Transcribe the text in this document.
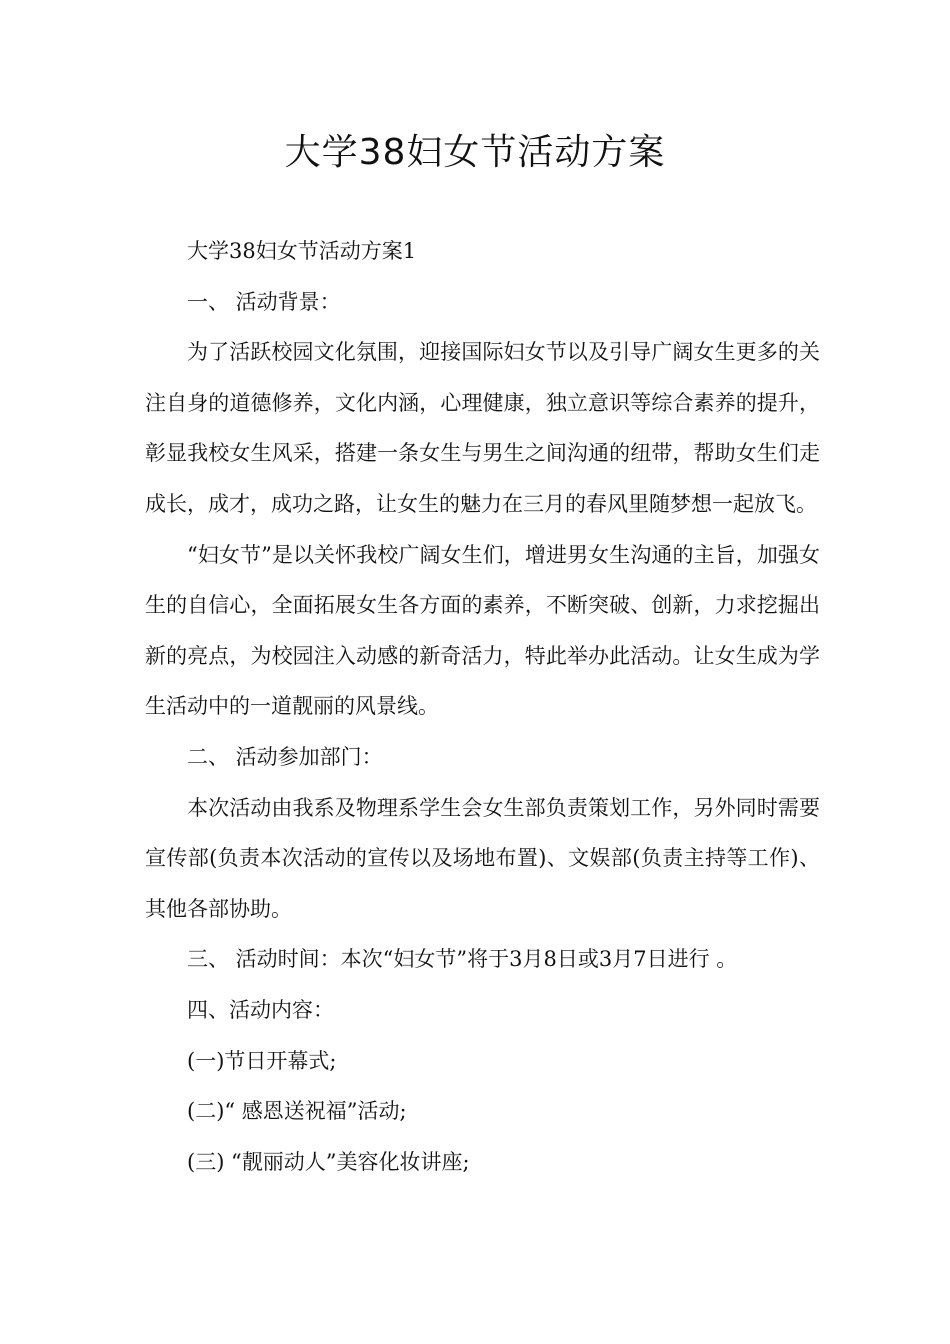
大学38妇女节活动方案

大学38妇女节活动方案1

一、 活动背景：

为了活跃校园文化氛围，迎接国际妇女节以及引导广阔女生更多的关注自身的道德修养，文化内涵，心理健康，独立意识等综合素养的提升，彰显我校女生风采，搭建一条女生与男生之间沟通的纽带，帮助女生们走成长，成才，成功之路，让女生的魅力在三月的春风里随梦想一起放飞。

“妇女节”是以关怀我校广阔女生们，增进男女生沟通的主旨，加强女生的自信心，全面拓展女生各方面的素养，不断突破、创新，力求挖掘出新的亮点，为校园注入动感的新奇活力，特此举办此活动。让女生成为学生活动中的一道靓丽的风景线。

二、 活动参加部门：

本次活动由我系及物理系学生会女生部负责策划工作，另外同时需要宣传部(负责本次活动的宣传以及场地布置)、文娱部(负责主持等工作)、其他各部协助。

三、 活动时间：本次“妇女节”将于3月8日或3月7日进行 。

四、活动内容：

(一)节日开幕式;

(二)“ 感恩送祝福”活动;

(三) “靓丽动人”美容化妆讲座;
